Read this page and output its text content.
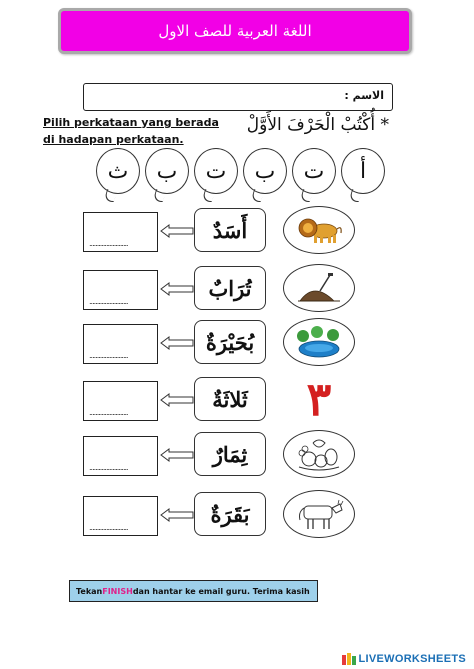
اللغة العربية للصف الاول
الاسم :
Pilih perkataan yang berada di hadapan perkataan.
* أُكْتُبْ الْحَرْفَ الأَوَّلْ
ث ب ت ب ت أ
.........................
أَسَدٌ
.........................
تُرَابٌ
.........................
بُحَيْرَةٌ
.........................
ثَلاثَةٌ	٣
.........................
ثِمَارٌ
.........................
بَقَرَةٌ
Tekan FINISH dan hantar ke email guru. Terima kasih
LIVEWORKSHEETS
